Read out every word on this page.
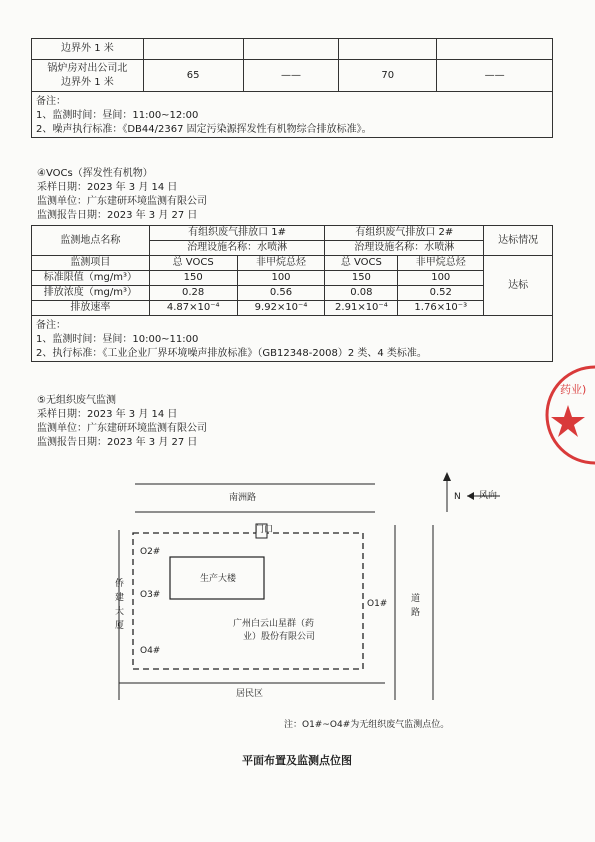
边界外 1 米				

锅炉房对出公司北
边界外 1 米	65	——	70	——

备注：
1、监测时间：昼间：11:00~12:00
2、噪声执行标准：《DB44/2367 固定污染源挥发性有机物综合排放标准》。				
④VOCs（挥发性有机物）
采样日期：2023 年 3 月 14 日
监测单位：广东建研环境监测有限公司
监测报告日期：2023 年 3 月 27 日
监测地点名称	有组织废气排放口 1#		有组织废气排放口 2#		达标情况
	治理设施名称：水喷淋		治理设施名称：水喷淋		
监测项目	总 VOCS	非甲烷总烃	总 VOCS	非甲烷总烃	达标
标准限值（mg/m³）	150	100	150	100	
排放浓度（mg/m³）	0.28	0.56	0.08	0.52	
排放速率	4.87×10⁻⁴	9.92×10⁻⁴	2.91×10⁻⁴	1.76×10⁻³	

备注：
1、监测时间：昼间：10:00~11:00
2、执行标准：《工业企业厂界环境噪声排放标准》（GB12348-2008）2 类、4 类标准。					
⑤无组织废气监测
采样日期：2023 年 3 月 14 日
监测单位：广东建研环境监测有限公司
监测报告日期：2023 年 3 月 27 日
南洲路
门口
生产大楼
广州白云山星群（药
业）股份有限公司
侨
建
大
厦
道
路
居民区
N 风向
O2#
O3#
O4#
O1#
注：O1#~O4#为无组织废气监测点位。
平面布置及监测点位图
药业)
